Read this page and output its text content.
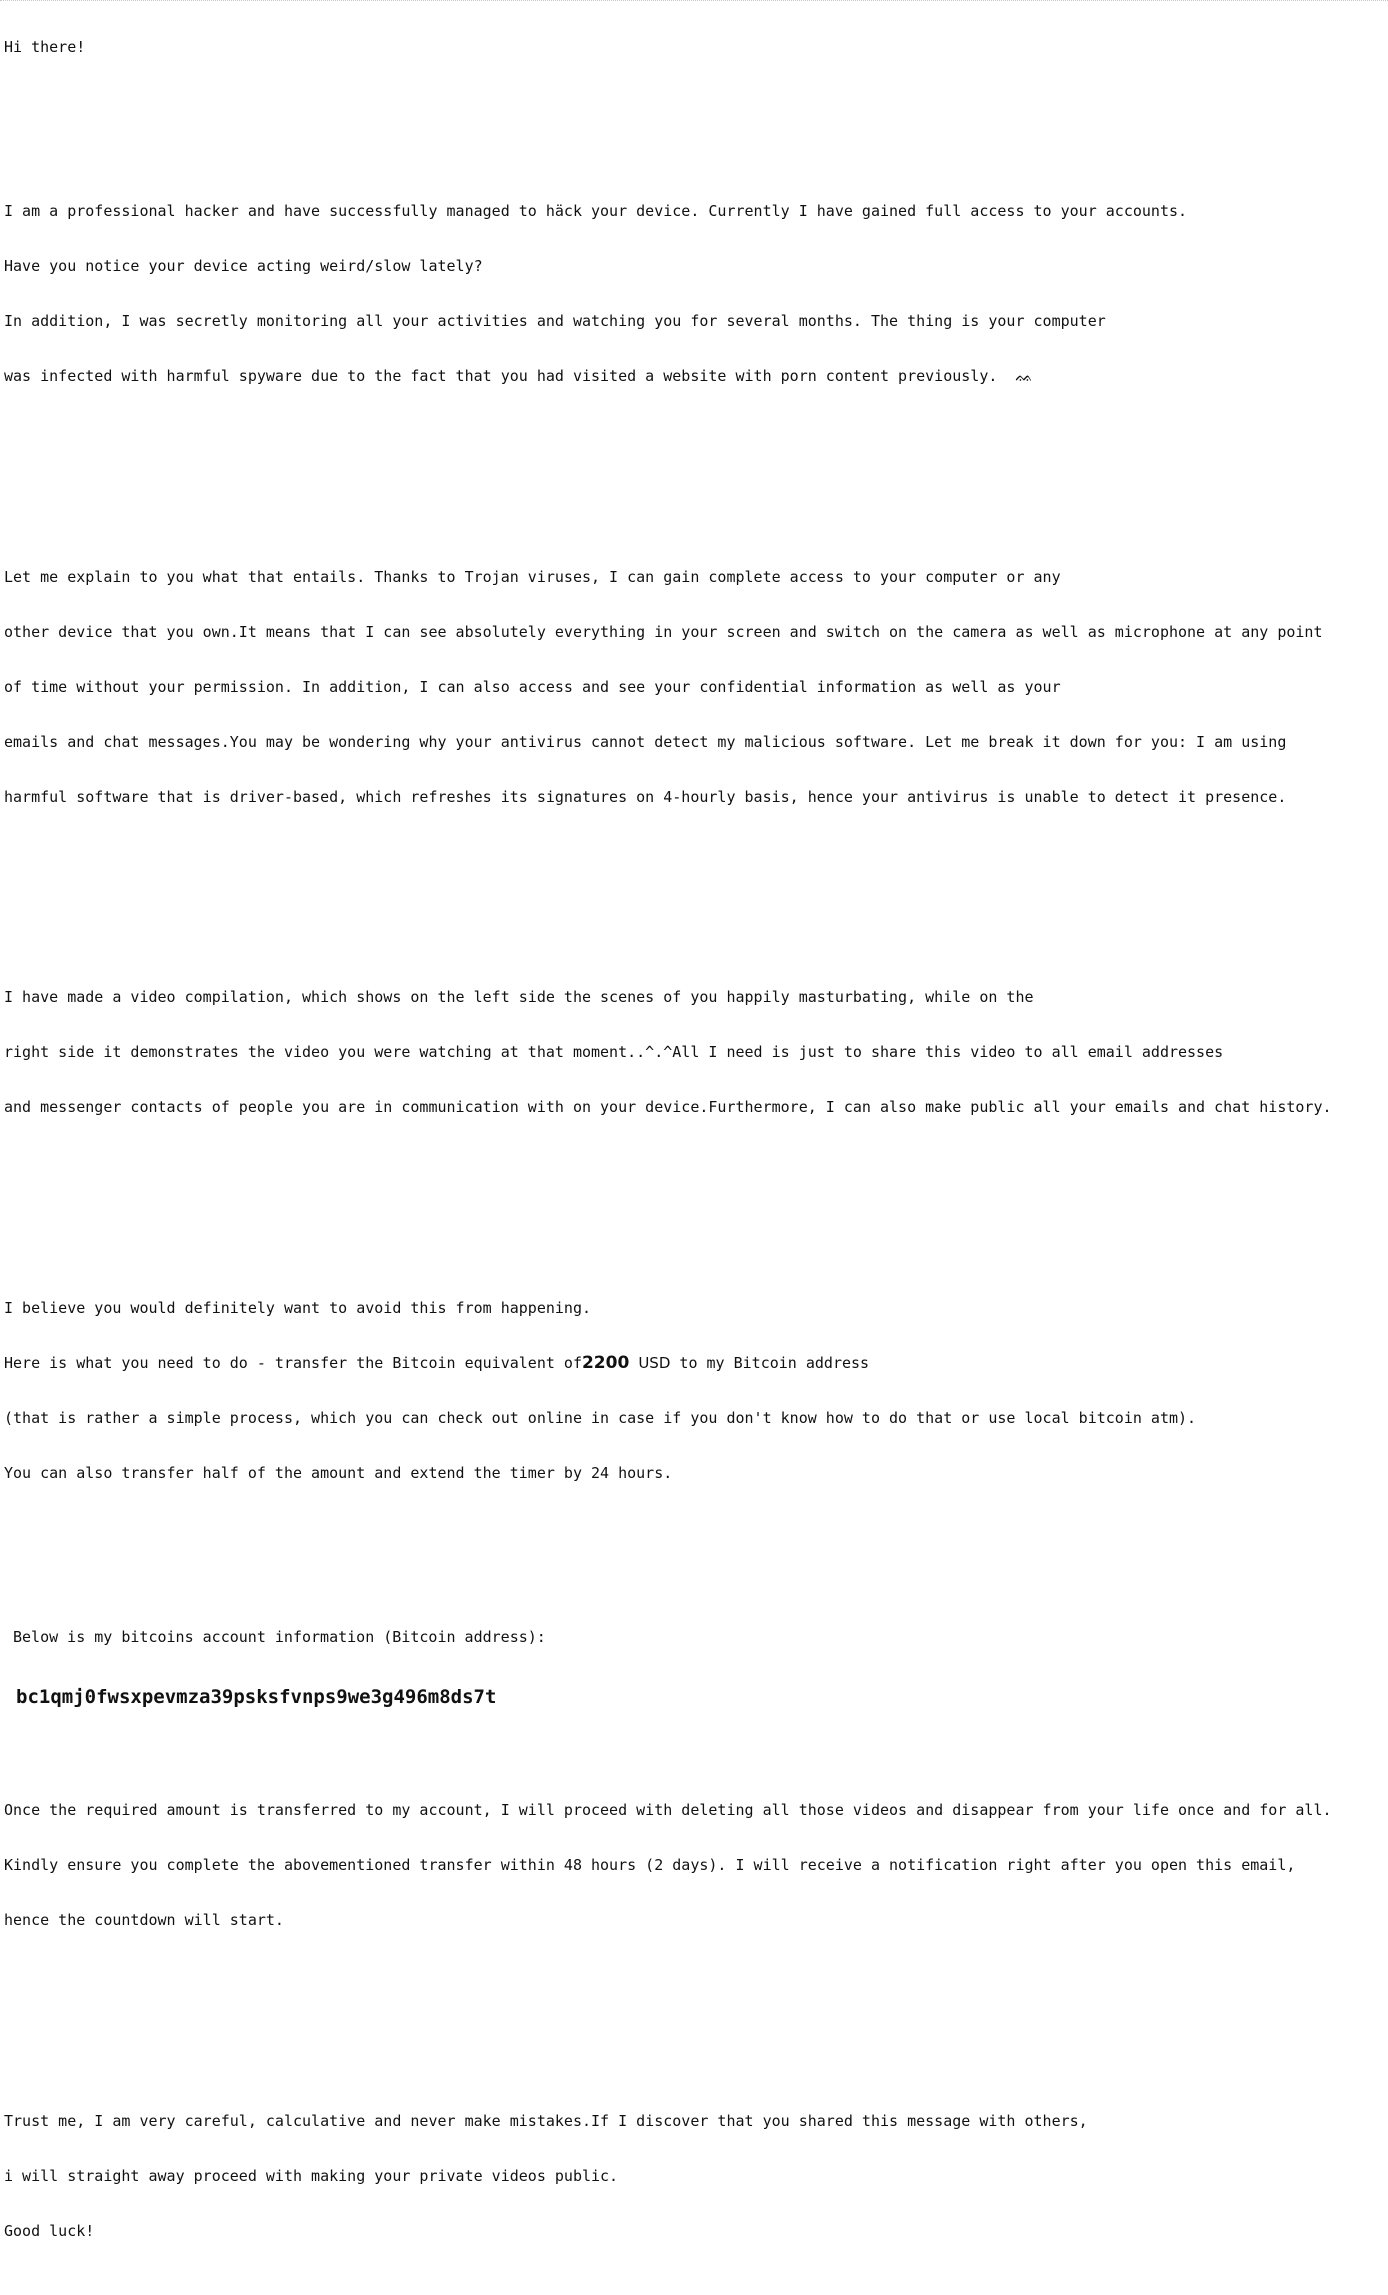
Hi there!

I am a professional hacker and have successfully managed to häck your device. Currently I have gained full access to your accounts.

Have you notice your device acting weird/slow lately?

In addition, I was secretly monitoring all your activities and watching you for several months. The thing is your computer

was infected with harmful spyware due to the fact that you had visited a website with porn content previously. ᨐ

Let me explain to you what that entails. Thanks to Trojan viruses, I can gain complete access to your computer or any

other device that you own.It means that I can see absolutely everything in your screen and switch on the camera as well as microphone at any point

of time without your permission. In addition, I can also access and see your confidential information as well as your

emails and chat messages.You may be wondering why your antivirus cannot detect my malicious software. Let me break it down for you: I am using

harmful software that is driver-based, which refreshes its signatures on 4-hourly basis, hence your antivirus is unable to detect it presence.

I have made a video compilation, which shows on the left side the scenes of you happily masturbating, while on the

right side it demonstrates the video you were watching at that moment..^.^All I need is just to share this video to all email addresses

and messenger contacts of people you are in communication with on your device.Furthermore, I can also make public all your emails and chat history.

I believe you would definitely want to avoid this from happening.

Here is what you need to do - transfer the Bitcoin equivalent of2200 USD to my Bitcoin address

(that is rather a simple process, which you can check out online in case if you don't know how to do that or use local bitcoin atm).

You can also transfer half of the amount and extend the timer by 24 hours.

Below is my bitcoins account information (Bitcoin address):

bc1qmj0fwsxpevmza39psksfvnps9we3g496m8ds7t

Once the required amount is transferred to my account, I will proceed with deleting all those videos and disappear from your life once and for all.

Kindly ensure you complete the abovementioned transfer within 48 hours (2 days). I will receive a notification right after you open this email,

hence the countdown will start.

Trust me, I am very careful, calculative and never make mistakes.If I discover that you shared this message with others,

i will straight away proceed with making your private videos public.

Good luck!
